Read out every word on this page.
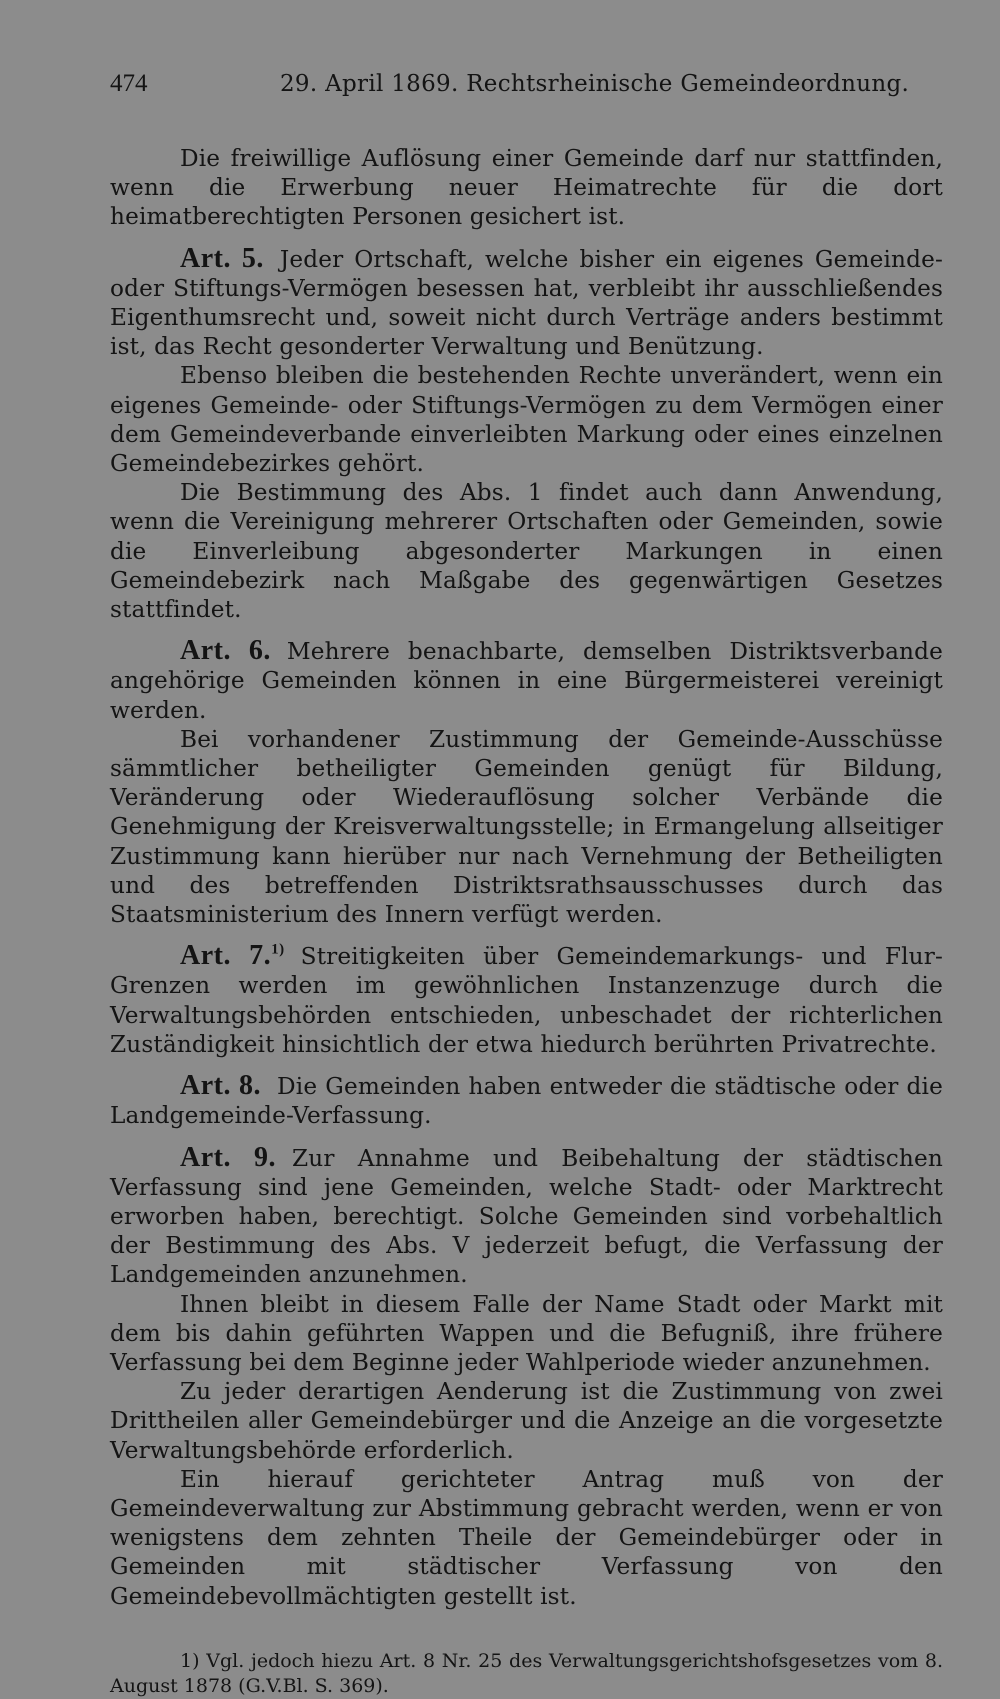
474	29. April 1869. Rechtsrheinische Gemeindeordnung.

Die freiwillige Auflösung einer Gemeinde darf nur stattfinden, wenn die Erwerbung neuer Heimatrechte für die dort heimatberechtigten Personen gesichert ist.

Art. 5. Jeder Ortschaft, welche bisher ein eigenes Gemeinde- oder Stiftungs-Vermögen besessen hat, verbleibt ihr ausschließendes Eigenthumsrecht und, soweit nicht durch Verträge anders bestimmt ist, das Recht gesonderter Verwaltung und Benützung.

Ebenso bleiben die bestehenden Rechte unverändert, wenn ein eigenes Gemeinde- oder Stiftungs-Vermögen zu dem Vermögen einer dem Gemeindeverbande einverleibten Markung oder eines einzelnen Gemeindebezirkes gehört.

Die Bestimmung des Abs. 1 findet auch dann Anwendung, wenn die Vereinigung mehrerer Ortschaften oder Gemeinden, sowie die Einverleibung abgesonderter Markungen in einen Gemeindebezirk nach Maßgabe des gegenwärtigen Gesetzes stattfindet.

Art. 6. Mehrere benachbarte, demselben Distriktsverbande angehörige Gemeinden können in eine Bürgermeisterei vereinigt werden.

Bei vorhandener Zustimmung der Gemeinde-Ausschüsse sämmtlicher betheiligter Gemeinden genügt für Bildung, Veränderung oder Wiederauflösung solcher Verbände die Genehmigung der Kreisverwaltungsstelle; in Ermangelung allseitiger Zustimmung kann hierüber nur nach Vernehmung der Betheiligten und des betreffenden Distriktsrathsausschusses durch das Staatsministerium des Innern verfügt werden.

Art. 7.$^{1)}$ Streitigkeiten über Gemeindemarkungs- und Flur-Grenzen werden im gewöhnlichen Instanzenzuge durch die Verwaltungsbehörden entschieden, unbeschadet der richterlichen Zuständigkeit hinsichtlich der etwa hiedurch berührten Privatrechte.

Art. 8. Die Gemeinden haben entweder die städtische oder die Landgemeinde-Verfassung.

Art. 9. Zur Annahme und Beibehaltung der städtischen Verfassung sind jene Gemeinden, welche Stadt- oder Marktrecht erworben haben, berechtigt. Solche Gemeinden sind vorbehaltlich der Bestimmung des Abs. V jederzeit befugt, die Verfassung der Landgemeinden anzunehmen.

Ihnen bleibt in diesem Falle der Name Stadt oder Markt mit dem bis dahin geführten Wappen und die Befugniß, ihre frühere Verfassung bei dem Beginne jeder Wahlperiode wieder anzunehmen.

Zu jeder derartigen Aenderung ist die Zustimmung von zwei Drittheilen aller Gemeindebürger und die Anzeige an die vorgesetzte Verwaltungsbehörde erforderlich.

Ein hierauf gerichteter Antrag muß von der Gemeindeverwaltung zur Abstimmung gebracht werden, wenn er von wenigstens dem zehnten Theile der Gemeindebürger oder in Gemeinden mit städtischer Verfassung von den Gemeindebevollmächtigten gestellt ist.

1) Vgl. jedoch hiezu Art. 8 Nr. 25 des Verwaltungsgerichtshofsgesetzes vom 8. August 1878 (G.V.Bl. S. 369).
